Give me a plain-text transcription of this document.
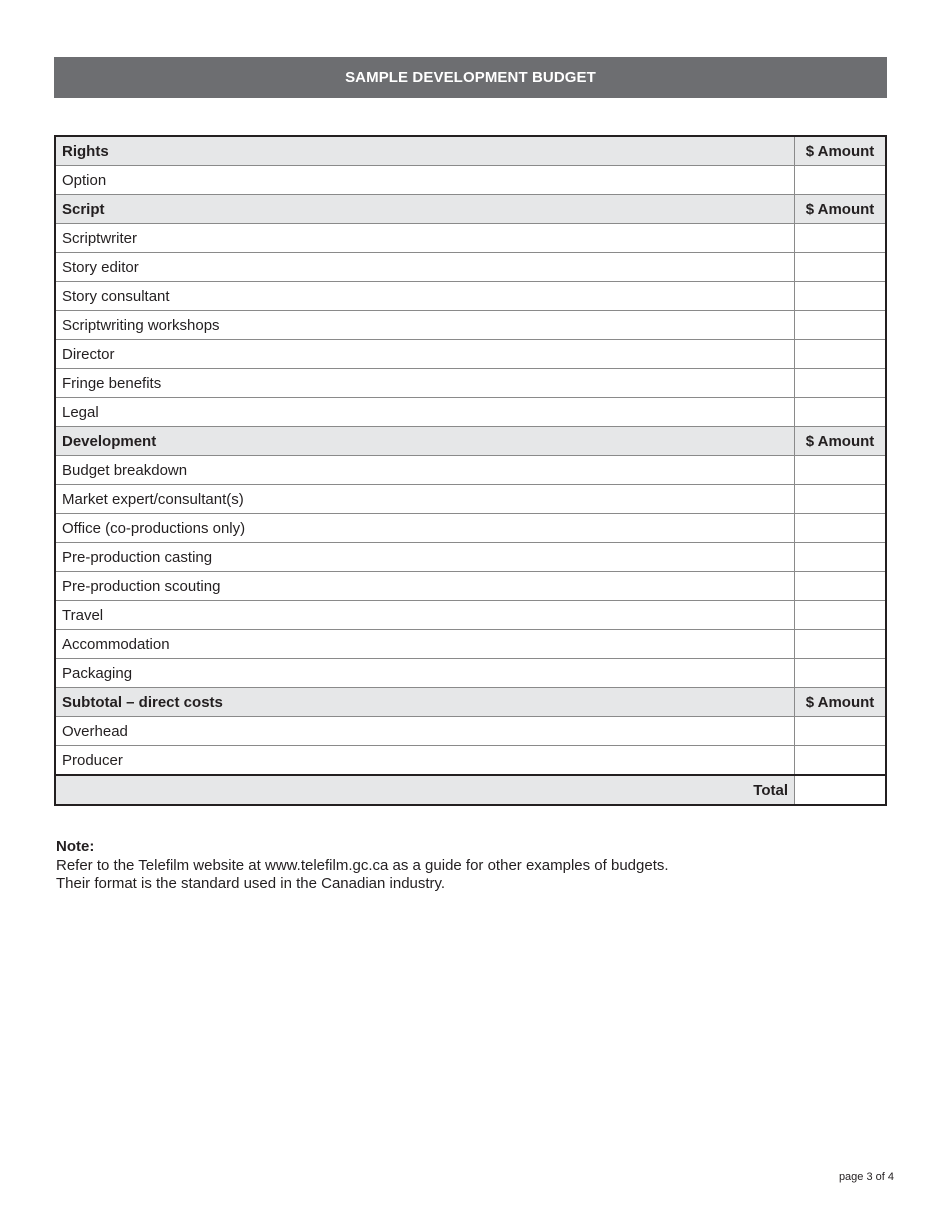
SAMPLE DEVELOPMENT BUDGET
Rights	$ Amount
Option	
Script	$ Amount
Scriptwriter	
Story editor	
Story consultant	
Scriptwriting workshops	
Director	
Fringe benefits	
Legal	
Development	$ Amount
Budget breakdown	
Market expert/consultant(s)	
Office (co-productions only)	
Pre-production casting	
Pre-production scouting	
Travel	
Accommodation	
Packaging	
Subtotal – direct costs	$ Amount
Overhead	
Producer	
Total	
Note:
Refer to the Telefilm website at www.telefilm.gc.ca as a guide for other examples of budgets.
Their format is the standard used in the Canadian industry.
page 3 of 4
